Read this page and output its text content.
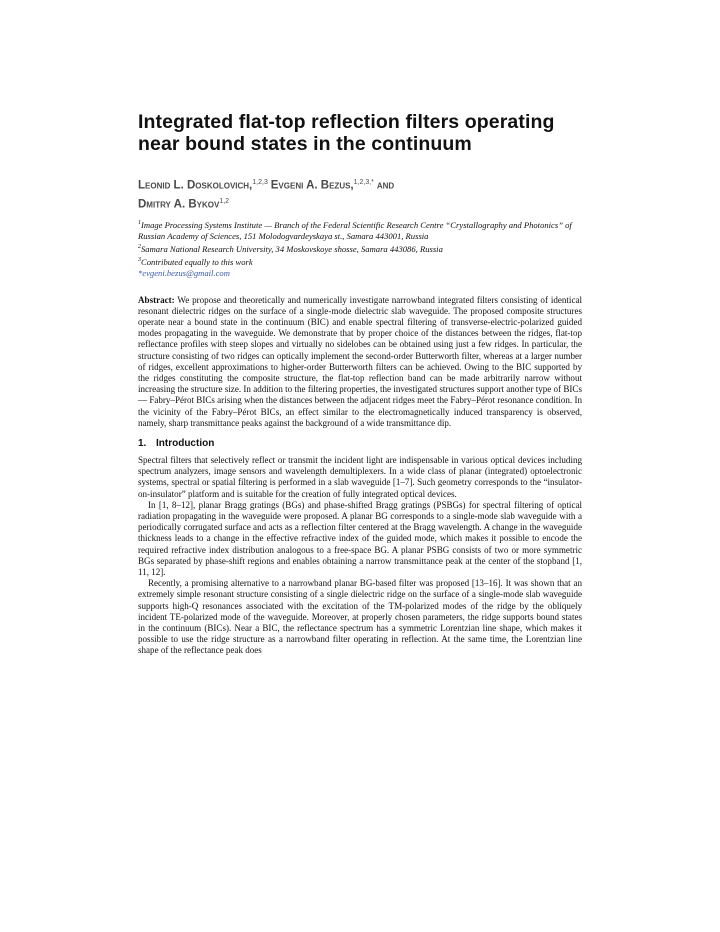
Integrated flat-top reflection filters operating near bound states in the continuum
Leonid L. Doskolovich,$^{1,2,3}$ Evgeni A. Bezus,$^{1,2,3,*}$ and
Dmitry A. Bykov$^{1,2}$
$^1$Image Processing Systems Institute — Branch of the Federal Scientific Research Centre “Crystallography and Photonics” of Russian Academy of Sciences, 151 Molodogvardeyskaya st., Samara 443001, Russia
$^2$Samara National Research University, 34 Moskovskoye shosse, Samara 443086, Russia
$^3$Contributed equally to this work
*evgeni.bezus@gmail.com
Abstract: We propose and theoretically and numerically investigate narrowband integrated filters consisting of identical resonant dielectric ridges on the surface of a single-mode dielectric slab waveguide. The proposed composite structures operate near a bound state in the continuum (BIC) and enable spectral filtering of transverse-electric-polarized guided modes propagating in the waveguide. We demonstrate that by proper choice of the distances between the ridges, flat-top reflectance profiles with steep slopes and virtually no sidelobes can be obtained using just a few ridges. In particular, the structure consisting of two ridges can optically implement the second-order Butterworth filter, whereas at a larger number of ridges, excellent approximations to higher-order Butterworth filters can be achieved. Owing to the BIC supported by the ridges constituting the composite structure, the flat-top reflection band can be made arbitrarily narrow without increasing the structure size. In addition to the filtering properties, the investigated structures support another type of BICs — Fabry–Pérot BICs arising when the distances between the adjacent ridges meet the Fabry–Pérot resonance condition. In the vicinity of the Fabry–Pérot BICs, an effect similar to the electromagnetically induced transparency is observed, namely, sharp transmittance peaks against the background of a wide transmittance dip.
1. Introduction

Spectral filters that selectively reflect or transmit the incident light are indispensable in various optical devices including spectrum analyzers, image sensors and wavelength demultiplexers. In a wide class of planar (integrated) optoelectronic systems, spectral or spatial filtering is performed in a slab waveguide [1–7]. Such geometry corresponds to the “insulator-on-insulator” platform and is suitable for the creation of fully integrated optical devices.

In [1, 8–12], planar Bragg gratings (BGs) and phase-shifted Bragg gratings (PSBGs) for spectral filtering of optical radiation propagating in the waveguide were proposed. A planar BG corresponds to a single-mode slab waveguide with a periodically corrugated surface and acts as a reflection filter centered at the Bragg wavelength. A change in the waveguide thickness leads to a change in the effective refractive index of the guided mode, which makes it possible to encode the required refractive index distribution analogous to a free-space BG. A planar PSBG consists of two or more symmetric BGs separated by phase-shift regions and enables obtaining a narrow transmittance peak at the center of the stopband [1, 11, 12].

Recently, a promising alternative to a narrowband planar BG-based filter was proposed [13–16]. It was shown that an extremely simple resonant structure consisting of a single dielectric ridge on the surface of a single-mode slab waveguide supports high-Q resonances associated with the excitation of the TM-polarized modes of the ridge by the obliquely incident TE-polarized mode of the waveguide. Moreover, at properly chosen parameters, the ridge supports bound states in the continuum (BICs). Near a BIC, the reflectance spectrum has a symmetric Lorentzian line shape, which makes it possible to use the ridge structure as a narrowband filter operating in reflection. At the same time, the Lorentzian line shape of the reflectance peak does
